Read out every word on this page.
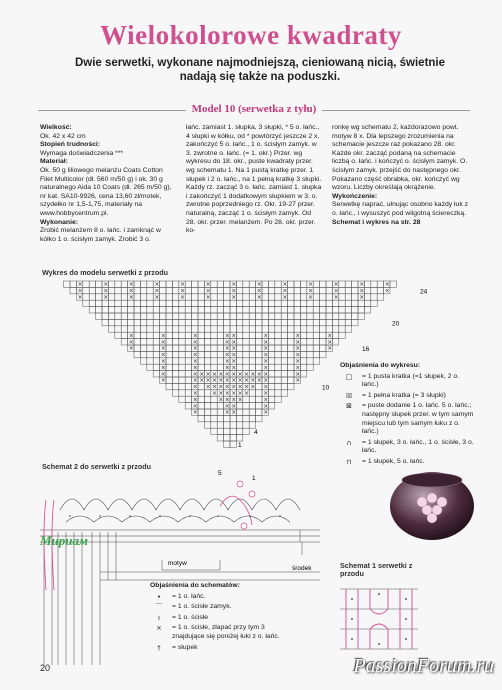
Wielokolorowe kwadraty
Dwie serwetki, wykonane najmodniejszą, cieniowaną nicią, świetnie nadają się także na poduszki.
Model 10 (serwetka z tyłu)

Wielkość:

Ok. 42 x 42 cm

Stopień trudności:

Wymaga doświadczenia ***

Materiał:

Ok. 50 g liliowego melanżu Coats Cotton Filet Multicolor (dł. 560 m/50 g) i ok. 30 g naturalnego Aida 10 Coats (dł. 265 m/50 g), nr kat. SA10-9926, cena 13,60 zł/motek, szydełko nr 1,5-1,75, materiały na www.hobbycentrum.pl.

Wykonanie:

Zrobić melanżem 8 o. łańc. i zamknąć w kółko 1 o. ścisłym zamyk. Zrobić 3 o.

łańc. zamiast 1. słupka, 3 słupki, * 5 o. łańc., 4 słupki w kółku, od * powtórzyć jeszcze 2 x, zakończyć 5 o. łańc., 1 o. ścisłym zamyk. w 3. zwrotne o. łańc. (= 1. okr.) Przer. wg wykresu do 18. okr., puste kwadraty przer. wg schematu 1. Na 1 pustą kratkę przer. 1 słupek i 2 o. łańc., na 1 pełną kratkę 3 słupki. Każdy rz. zacząć 3 o. łańc. zamiast 1. słupka i zakończyć 1 dodatkowym słupkiem w 3. o. zwrotne poprzedniego rz. Okr. 19-27 przer. naturalną, zacząć 1 o. ścisłym zamyk. Od 28. okr. przer. melanżem. Po 28. okr. przer. ko-

ronkę wg schematu 2, każdorazowo powt. motyw 8 x. Dla lepszego zrozumienia na schemacie jeszcze raz pokazano 28. okr. Każde okr. zacząć podaną na schemacie liczbą o. łańc. i kończyć o. ścisłym zamyk. O. ścisłym zamyk. przejść do następnego okr. Pokazano część obrabka, okr. kończyć wg wzoru. Liczby określają okrążenie.

Wykończenie:

Serwetkę naprać, ułnując osobno każdy łuk z o. łańc., i wysuszyć pod wilgotną ściereczką.

Schemat i wykres na str. 28

Wykres do modelu serwetki z przodu
×	×	×	×	×	×	×	×	×	×	×	×	×
×	×	×	×	×	×	×	×	×	×	×	×	×
×	×	×	×	×	×	×	×	×	×	×	×
×	×	×	× ×	×	×	×
×	×	×	× ×	×	×	×
×	×	×	× ×	×	×	×
×	×	× ×	×	×
×	×	× ×	×	×
×	×	× ×	×	×
×	× × × × × × × × × × × ×	×
×	× × × × × × × × × × × ×	×
× × × × × × × × × ×
× × × × × × × ×
×	× × × ×	×
×	× ×	×
×	× ×	×
24
20
16
10
4
1
Objaśnienia do wykresu:
□	= 1 pusta kratka (=1 słupek, 2 o. łańc.)
☒	= 1 pełna kratka (= 3 słupki)
⊠	= puste dodanie 1 o. łańc. 5 o. łańc.; następny słupek przer. w tym samym miejscu lub tym samym łuku z o. łańc.)
∩	= 1 słupek, 3 o. łańc., 1 o. ścisłe, 3 o. łańc.
⊓	= 1 słupek, 5 o. łańc.
Schemat 2 do serwetki z przodu
5
1
motyw
środek
Мириам
Objaśnienia do schematów:
•	= 1 o. łańc.
⌒	= 1 o. ścisłe zamyk.
ı	= 1 o. ścisłe
×	= 1 o. ścisłe, złapać przy tym 3 znajdujące się poniżej łuki z o. łańc.
†	= słupek
Schemat 1 serwetki z przodu
20	PassionForum.ru
